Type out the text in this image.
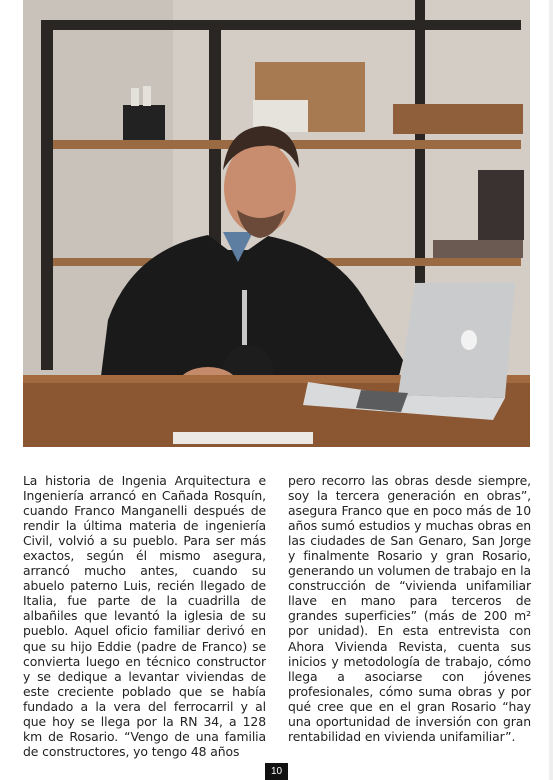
La historia de Ingenia Arquitectura e Ingeniería arrancó en Cañada Rosquín, cuando Franco Manganelli después de rendir la última materia de ingeniería Civil, volvió a su pueblo. Para ser más exactos, según él mismo asegura, arrancó mucho antes, cuando su abuelo paterno Luis, recién llegado de Italia, fue parte de la cuadrilla de albañiles que levantó la iglesia de su pueblo. Aquel oficio familiar derivó en que su hijo Eddie (padre de Franco) se convierta luego en técnico constructor y se dedique a levantar viviendas de este creciente poblado que se había fundado a la vera del ferrocarril y al que hoy se llega por la RN 34, a 128 km de Rosario. “Vengo de una familia de constructores, yo tengo 48 años

pero recorro las obras desde siempre, soy la tercera generación en obras”, asegura Franco que en poco más de 10 años sumó estudios y muchas obras en las ciudades de San Genaro, San Jorge y finalmente Rosario y gran Rosario, generando un volumen de trabajo en la construcción de “vivienda unifamiliar llave en mano para terceros de grandes superficies” (más de 200 m² por unidad). En esta entrevista con Ahora Vivienda Revista, cuenta sus inicios y metodología de trabajo, cómo llega a asociarse con jóvenes profesionales, cómo suma obras y por qué cree que en el gran Rosario “hay una oportunidad de inversión con gran rentabilidad en vivienda unifamiliar”.

10
